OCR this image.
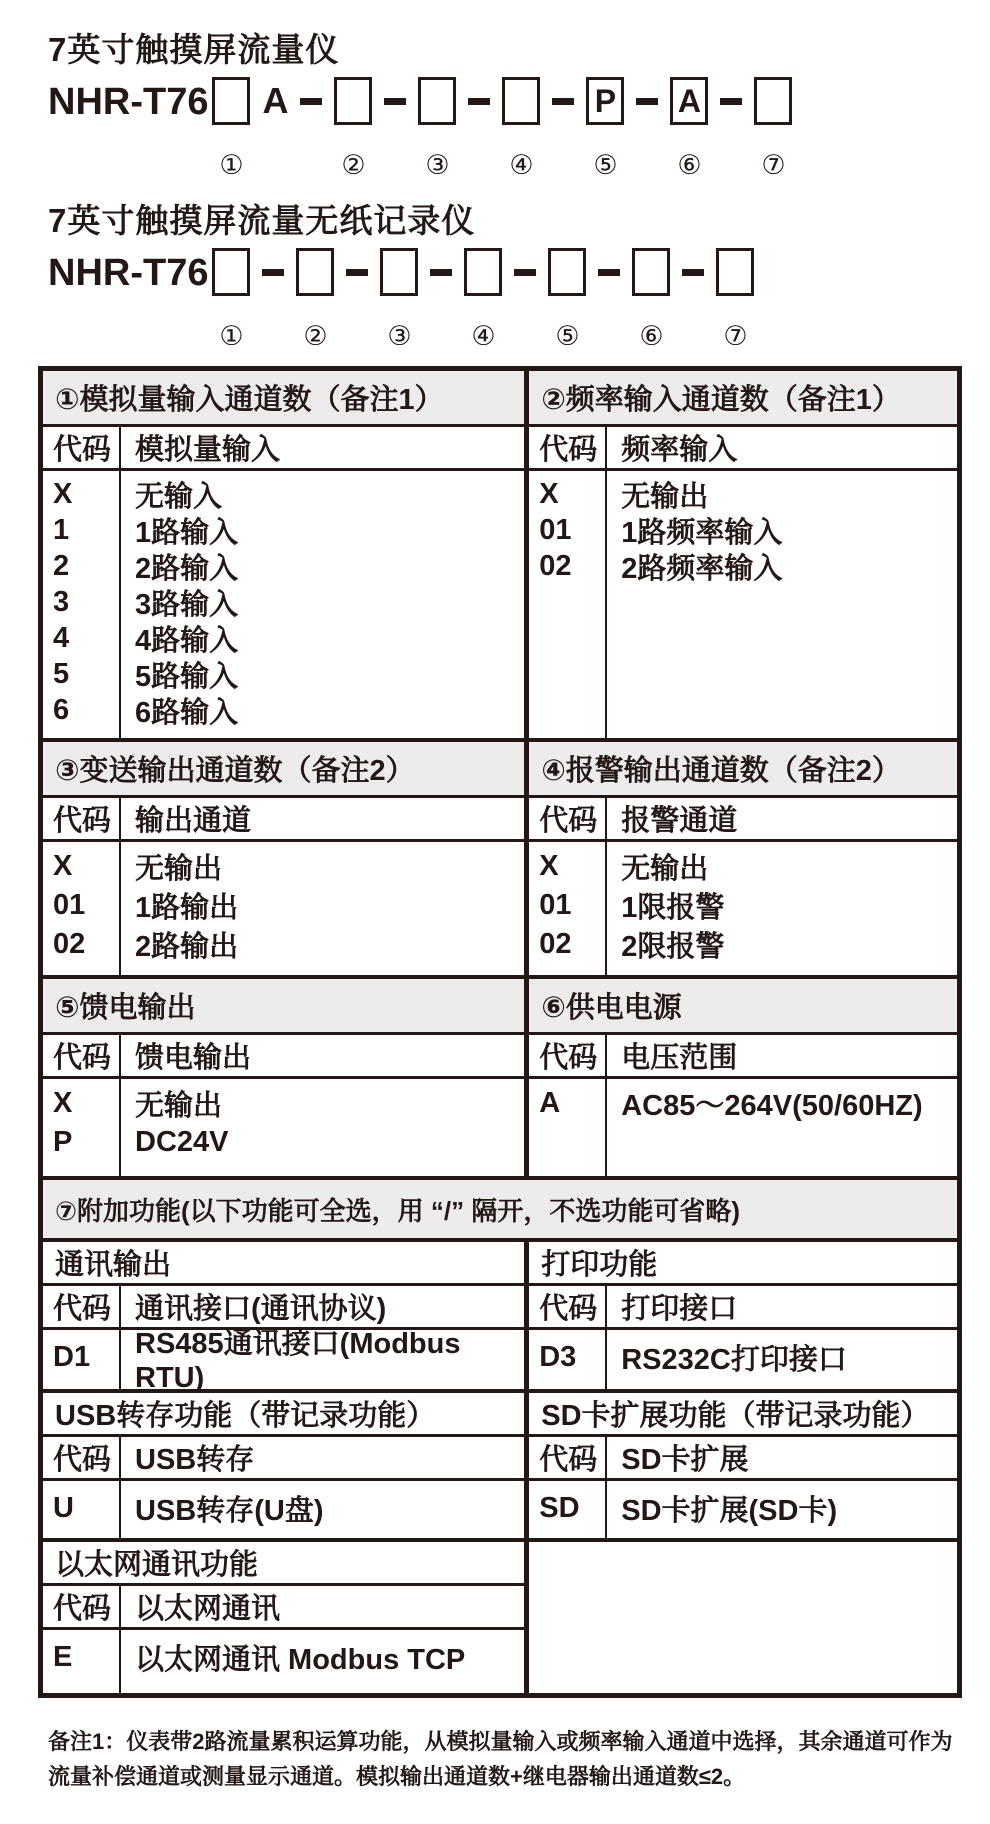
7英寸触摸屏流量仪
NHR-T76
①
A
② ③ ④
P
⑤
A
⑥ ⑦
7英寸触摸屏流量无纸记录仪
NHR-T76
① ② ③ ④ ⑤ ⑥ ⑦
①模拟量输入通道数（备注1）
代码 模拟量输入
X	无输入
1	1路输入
2	2路输入
3	3路输入
4	4路输入
5	5路输入
6	6路输入
②频率输入通道数（备注1）
代码 频率输入
X	无输出
01	1路频率输入
02	2路频率输入
③变送输出通道数（备注2）
代码 输出通道
X	无输出
01	1路输出
02	2路输出
④报警输出通道数（备注2）
代码 报警通道
X	无输出
01	1限报警
02	2限报警
⑤馈电输出
代码 馈电输出
X	无输出
P	DC24V
⑥供电电源
代码 电压范围
A	AC85～264V(50/60HZ)
⑦附加功能(以下功能可全选，用 “/” 隔开，不选功能可省略)
通讯输出
代码 通讯接口(通讯协议)
D1	RS485通讯接口(Modbus RTU)
打印功能
代码 打印接口
D3	RS232C打印接口
USB转存功能（带记录功能）
代码 USB转存
U	USB转存(U盘)
SD卡扩展功能（带记录功能）
代码 SD卡扩展
SD	SD卡扩展(SD卡)
以太网通讯功能
代码 以太网通讯
E	以太网通讯 Modbus TCP

备注1：仪表带2路流量累积运算功能，从模拟量输入或频率输入通道中选择，其余通道可作为

流量补偿通道或测量显示通道。模拟输出通道数+继电器输出通道数≤2。
